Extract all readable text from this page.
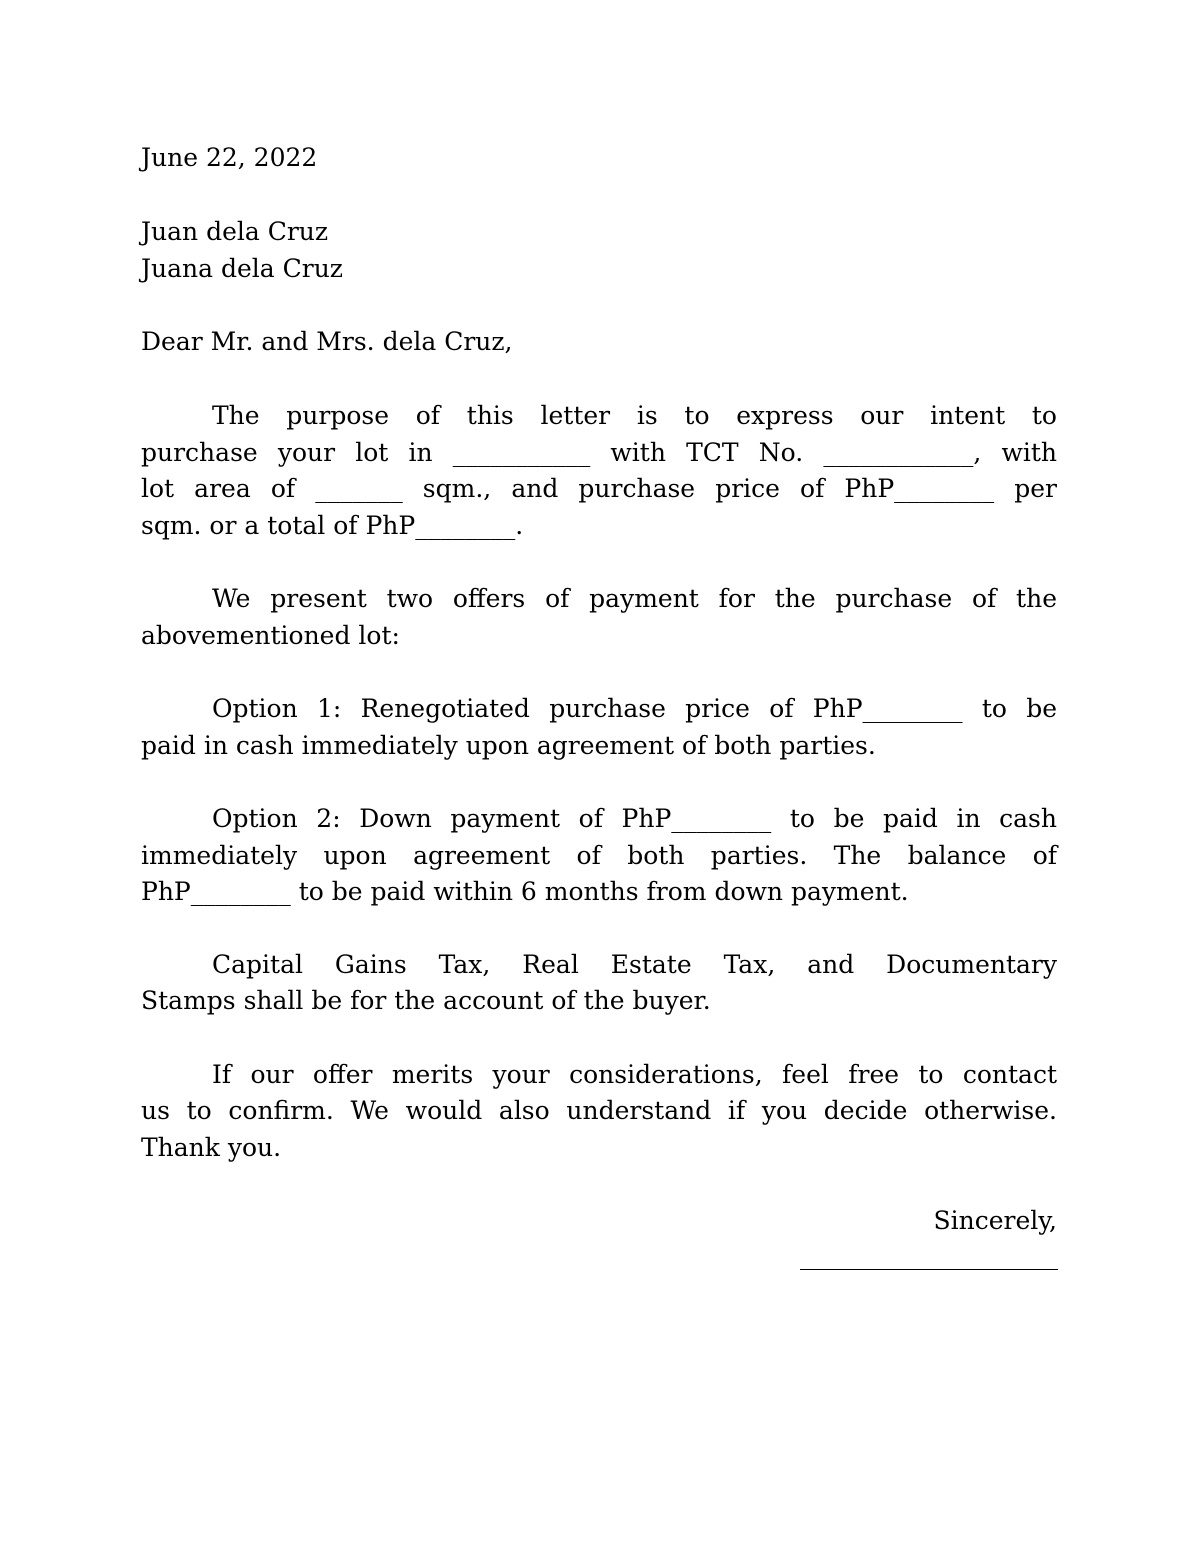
June 22, 2022
Juan dela Cruz
Juana dela Cruz
Dear Mr. and Mrs. dela Cruz,
The purpose of this letter is to express our intent to
purchase your lot in ___________ with TCT No. ____________, with
lot area of _______ sqm., and purchase price of PhP________ per
sqm. or a total of PhP________.
We present two offers of payment for the purchase of the
abovementioned lot:
Option 1: Renegotiated purchase price of PhP________ to be
paid in cash immediately upon agreement of both parties.
Option 2: Down payment of PhP________ to be paid in cash
immediately upon agreement of both parties. The balance of
PhP________ to be paid within 6 months from down payment.
Capital Gains Tax, Real Estate Tax, and Documentary
Stamps shall be for the account of the buyer.
If our offer merits your considerations, feel free to contact
us to confirm. We would also understand if you decide otherwise.
Thank you.
Sincerely,
